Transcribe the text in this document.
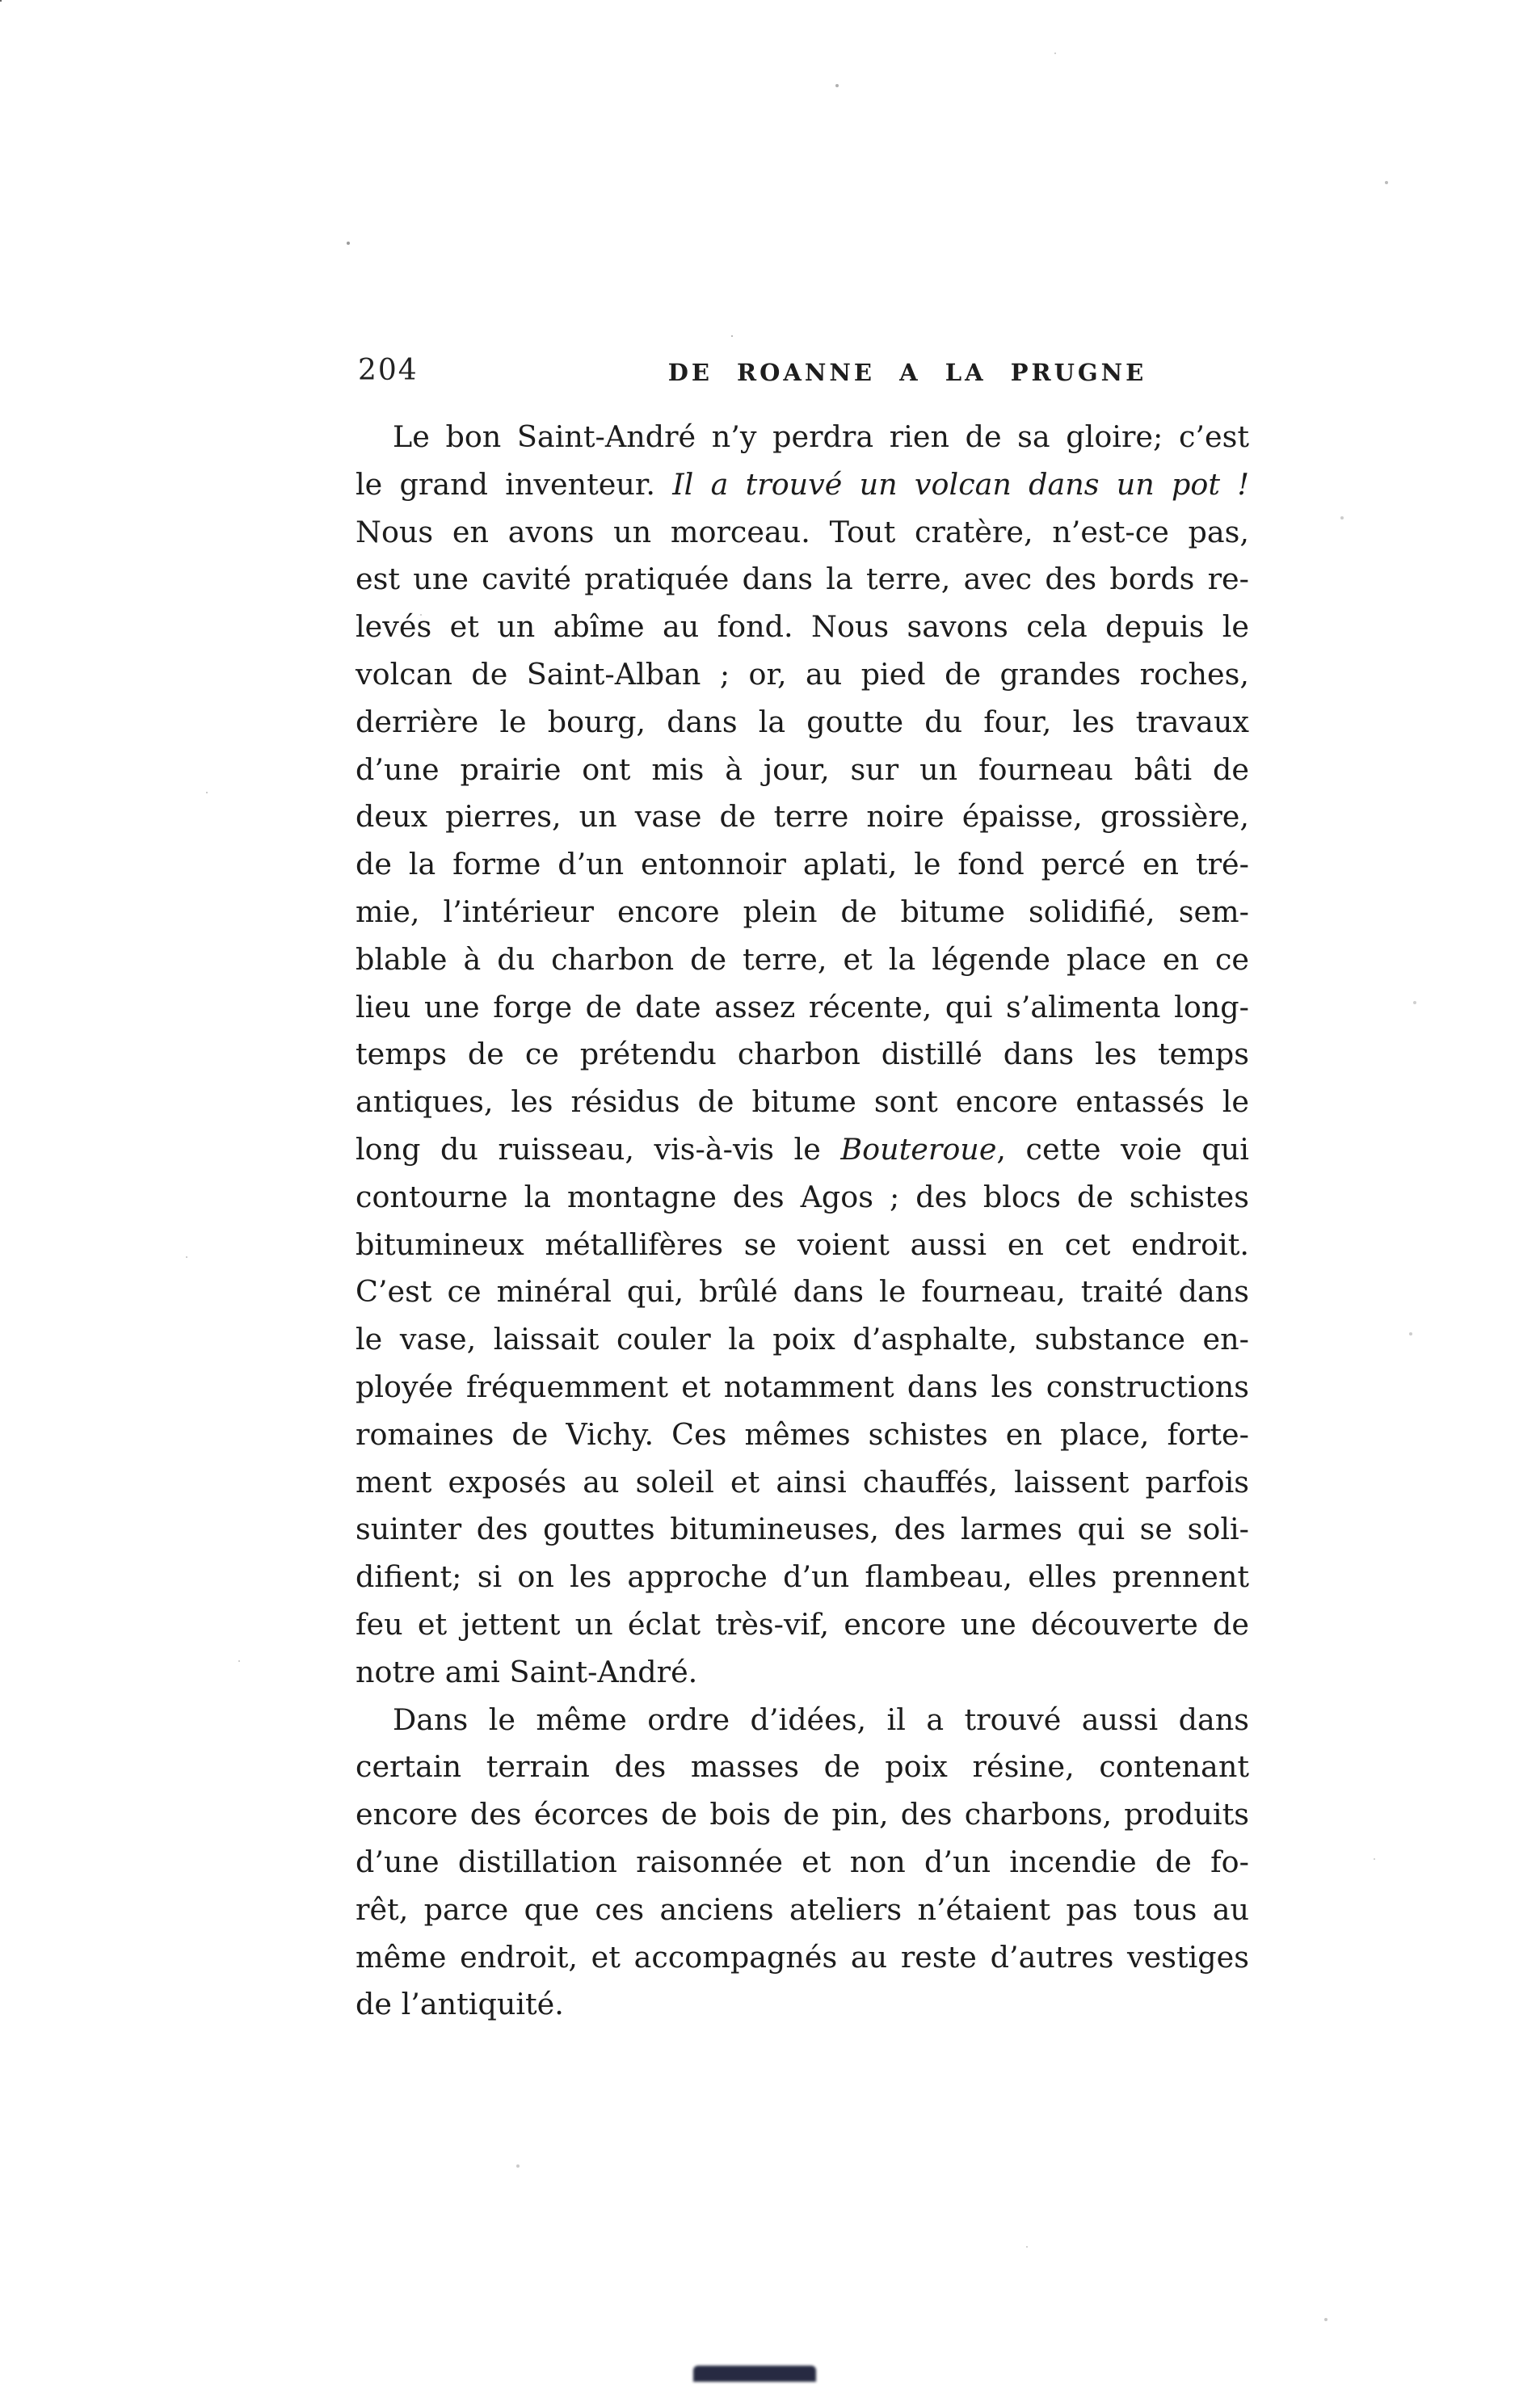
204	DE ROANNE A LA PRUGNE
Le bon Saint-André n’y perdra rien de sa gloire; c’est
le grand inventeur. Il a trouvé un volcan dans un pot !
Nous en avons un morceau. Tout cratère, n’est-ce pas,
est une cavité pratiquée dans la terre, avec des bords re-
levés et un abîme au fond. Nous savons cela depuis le
volcan de Saint-Alban ; or, au pied de grandes roches,
derrière le bourg, dans la goutte du four, les travaux
d’une prairie ont mis à jour, sur un fourneau bâti de
deux pierres, un vase de terre noire épaisse, grossière,
de la forme d’un entonnoir aplati, le fond percé en tré-
mie, l’intérieur encore plein de bitume solidifié, sem-
blable à du charbon de terre, et la légende place en ce
lieu une forge de date assez récente, qui s’alimenta long-
temps de ce prétendu charbon distillé dans les temps
antiques, les résidus de bitume sont encore entassés le
long du ruisseau, vis-à-vis le Bouteroue, cette voie qui
contourne la montagne des Agos ; des blocs de schistes
bitumineux métallifères se voient aussi en cet endroit.
C’est ce minéral qui, brûlé dans le fourneau, traité dans
le vase, laissait couler la poix d’asphalte, substance en-
ployée fréquemment et notamment dans les constructions
romaines de Vichy. Ces mêmes schistes en place, forte-
ment exposés au soleil et ainsi chauffés, laissent parfois
suinter des gouttes bitumineuses, des larmes qui se soli-
difient; si on les approche d’un flambeau, elles prennent
feu et jettent un éclat très-vif, encore une découverte de
notre ami Saint-André.
Dans le même ordre d’idées, il a trouvé aussi dans
certain terrain des masses de poix résine, contenant
encore des écorces de bois de pin, des charbons, produits
d’une distillation raisonnée et non d’un incendie de fo-
rêt, parce que ces anciens ateliers n’étaient pas tous au
même endroit, et accompagnés au reste d’autres vestiges
de l’antiquité.
